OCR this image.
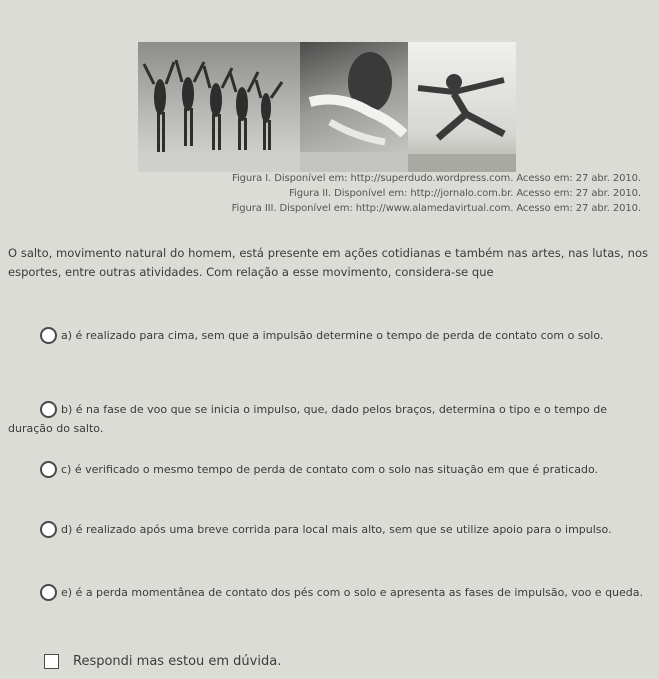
Figura I. Disponível em: http://superdudo.wordpress.com. Acesso em: 27 abr. 2010.
Figura II. Disponível em: http://jornalo.com.br. Acesso em: 27 abr. 2010.
Figura III. Disponível em: http://www.alamedavirtual.com. Acesso em: 27 abr. 2010.
O salto, movimento natural do homem, está presente em ações cotidianas e também nas artes, nas lutas, nos esportes, entre outras atividades. Com relação a esse movimento, considera-se que
a) é realizado para cima, sem que a impulsão determine o tempo de perda de contato com o solo.
b) é na fase de voo que se inicia o impulso, que, dado pelos braços, determina o tipo e o tempo de duração do salto.
c) é verificado o mesmo tempo de perda de contato com o solo nas situação em que é praticado.
d) é realizado após uma breve corrida para local mais alto, sem que se utilize apoio para o impulso.
e) é a perda momentânea de contato dos pés com o solo e apresenta as fases de impulsão, voo e queda.
Respondi mas estou em dúvida.
